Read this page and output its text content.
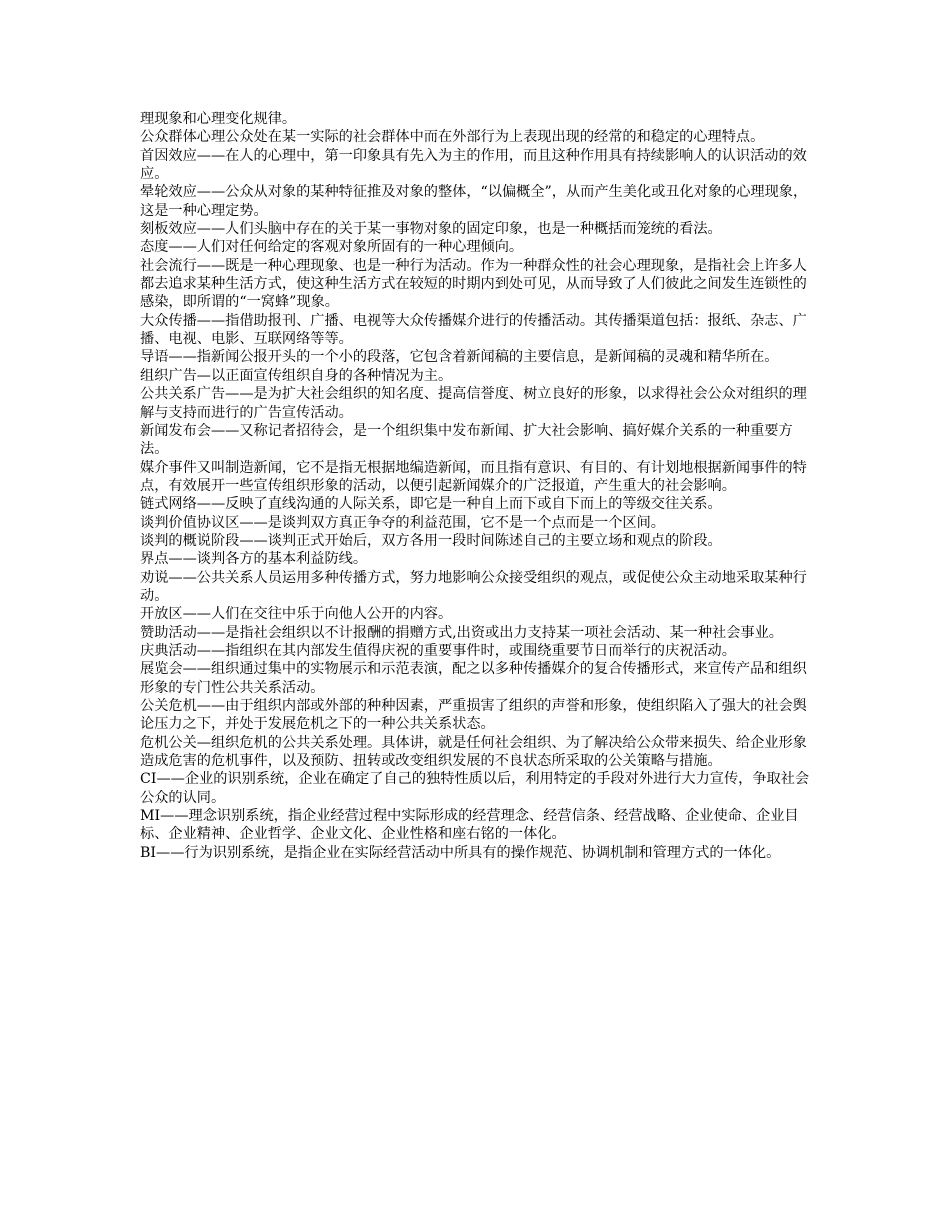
理现象和心理变化规律。

公众群体心理公众处在某一实际的社会群体中而在外部行为上表现出现的经常的和稳定的心理特点。

首因效应——在人的心理中，第一印象具有先入为主的作用，而且这种作用具有持续影响人的认识活动的效应。

晕轮效应——公众从对象的某种特征推及对象的整体，“以偏概全”，从而产生美化或丑化对象的心理现象，这是一种心理定势。

刻板效应——人们头脑中存在的关于某一事物对象的固定印象，也是一种概括而笼统的看法。

态度——人们对任何给定的客观对象所固有的一种心理倾向。

社会流行——既是一种心理现象、也是一种行为活动。作为一种群众性的社会心理现象，是指社会上许多人都去追求某种生活方式，使这种生活方式在较短的时期内到处可见，从而导致了人们彼此之间发生连锁性的感染，即所谓的“一窝蜂”现象。

大众传播——指借助报刊、广播、电视等大众传播媒介进行的传播活动。其传播渠道包括：报纸、杂志、广播、电视、电影、互联网络等等。

导语——指新闻公报开头的一个小的段落，它包含着新闻稿的主要信息，是新闻稿的灵魂和精华所在。

组织广告—以正面宣传组织自身的各种情况为主。

公共关系广告——是为扩大社会组织的知名度、提高信誉度、树立良好的形象，以求得社会公众对组织的理解与支持而进行的广告宣传活动。

新闻发布会——又称记者招待会，是一个组织集中发布新闻、扩大社会影响、搞好媒介关系的一种重要方法。

媒介事件又叫制造新闻，它不是指无根据地编造新闻，而且指有意识、有目的、有计划地根据新闻事件的特点，有效展开一些宣传组织形象的活动，以便引起新闻媒介的广泛报道，产生重大的社会影响。

链式网络——反映了直线沟通的人际关系，即它是一种自上而下或自下而上的等级交往关系。

谈判价值协议区——是谈判双方真正争夺的利益范围，它不是一个点而是一个区间。

谈判的概说阶段——谈判正式开始后，双方各用一段时间陈述自己的主要立场和观点的阶段。

界点——谈判各方的基本利益防线。

劝说——公共关系人员运用多种传播方式，努力地影响公众接受组织的观点，或促使公众主动地采取某种行动。

开放区——人们在交往中乐于向他人公开的内容。

赞助活动——是指社会组织以不计报酬的捐赠方式,出资或出力支持某一项社会活动、某一种社会事业。

庆典活动——指组织在其内部发生值得庆祝的重要事件时，或围绕重要节日而举行的庆祝活动。

展览会——组织通过集中的实物展示和示范表演，配之以多种传播媒介的复合传播形式，来宣传产品和组织形象的专门性公共关系活动。

公关危机——由于组织内部或外部的种种因素，严重损害了组织的声誉和形象，使组织陷入了强大的社会舆论压力之下，并处于发展危机之下的一种公共关系状态。

危机公关—组织危机的公共关系处理。具体讲，就是任何社会组织、为了解决给公众带来损失、给企业形象造成危害的危机事件，以及预防、扭转或改变组织发展的不良状态所采取的公关策略与措施。

CI——企业的识别系统，企业在确定了自己的独特性质以后，利用特定的手段对外进行大力宣传，争取社会公众的认同。

MI——理念识别系统，指企业经营过程中实际形成的经营理念、经营信条、经营战略、企业使命、企业目标、企业精神、企业哲学、企业文化、企业性格和座右铭的一体化。

BI——行为识别系统，是指企业在实际经营活动中所具有的操作规范、协调机制和管理方式的一体化。
